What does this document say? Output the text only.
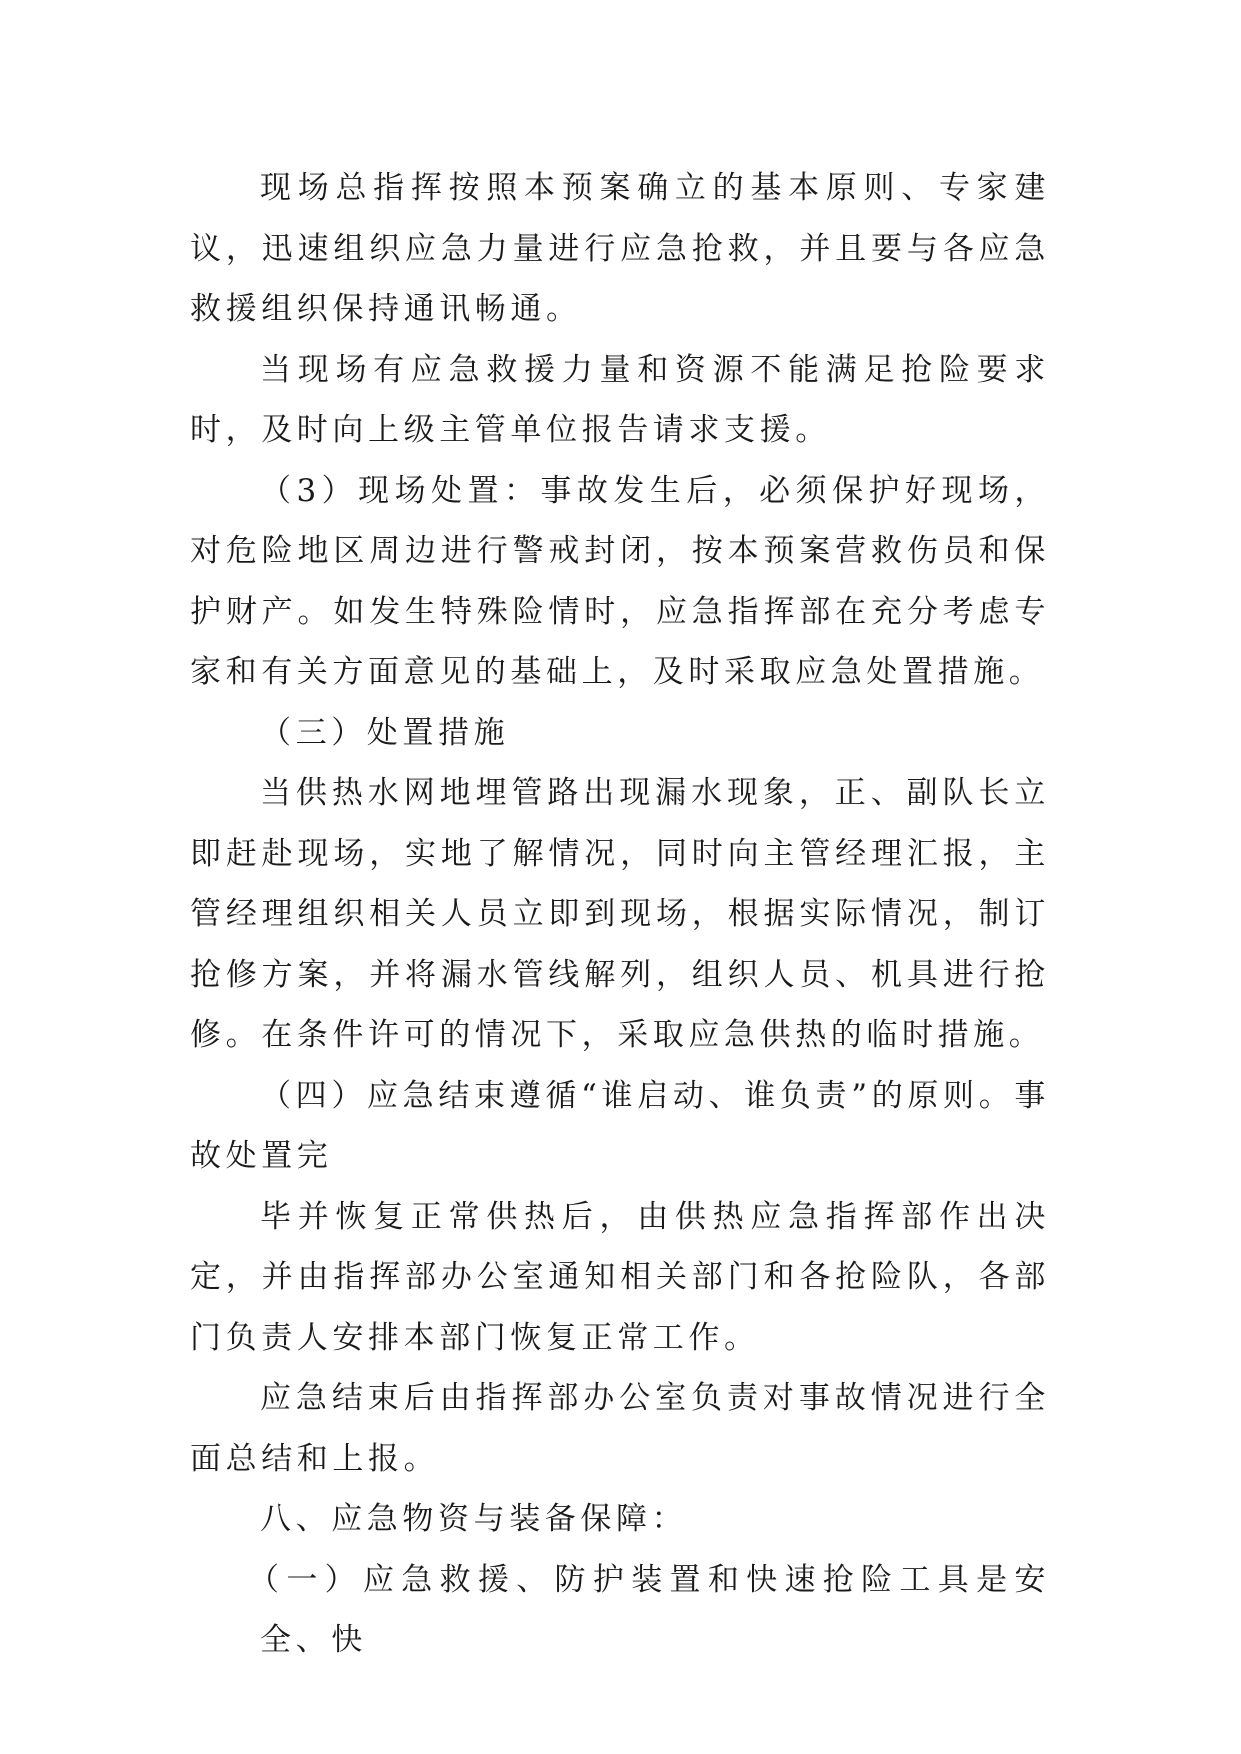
现场总指挥按照本预案确立的基本原则、专家建议，迅速组织应急力量进行应急抢救，并且要与各应急救援组织保持通讯畅通。

当现场有应急救援力量和资源不能满足抢险要求时，及时向上级主管单位报告请求支援。

（3）现场处置：事故发生后，必须保护好现场，对危险地区周边进行警戒封闭，按本预案营救伤员和保护财产。如发生特殊险情时，应急指挥部在充分考虑专家和有关方面意见的基础上，及时采取应急处置措施。

（三）处置措施

当供热水网地埋管路出现漏水现象，正、副队长立即赶赴现场，实地了解情况，同时向主管经理汇报，主管经理组织相关人员立即到现场，根据实际情况，制订抢修方案，并将漏水管线解列，组织人员、机具进行抢修。在条件许可的情况下，采取应急供热的临时措施。

（四）应急结束遵循“谁启动、谁负责”的原则。事故处置完

毕并恢复正常供热后，由供热应急指挥部作出决定，并由指挥部办公室通知相关部门和各抢险队，各部门负责人安排本部门恢复正常工作。

应急结束后由指挥部办公室负责对事故情况进行全面总结和上报。

八、应急物资与装备保障：

（一）应急救援、防护装置和快速抢险工具是安全、快
